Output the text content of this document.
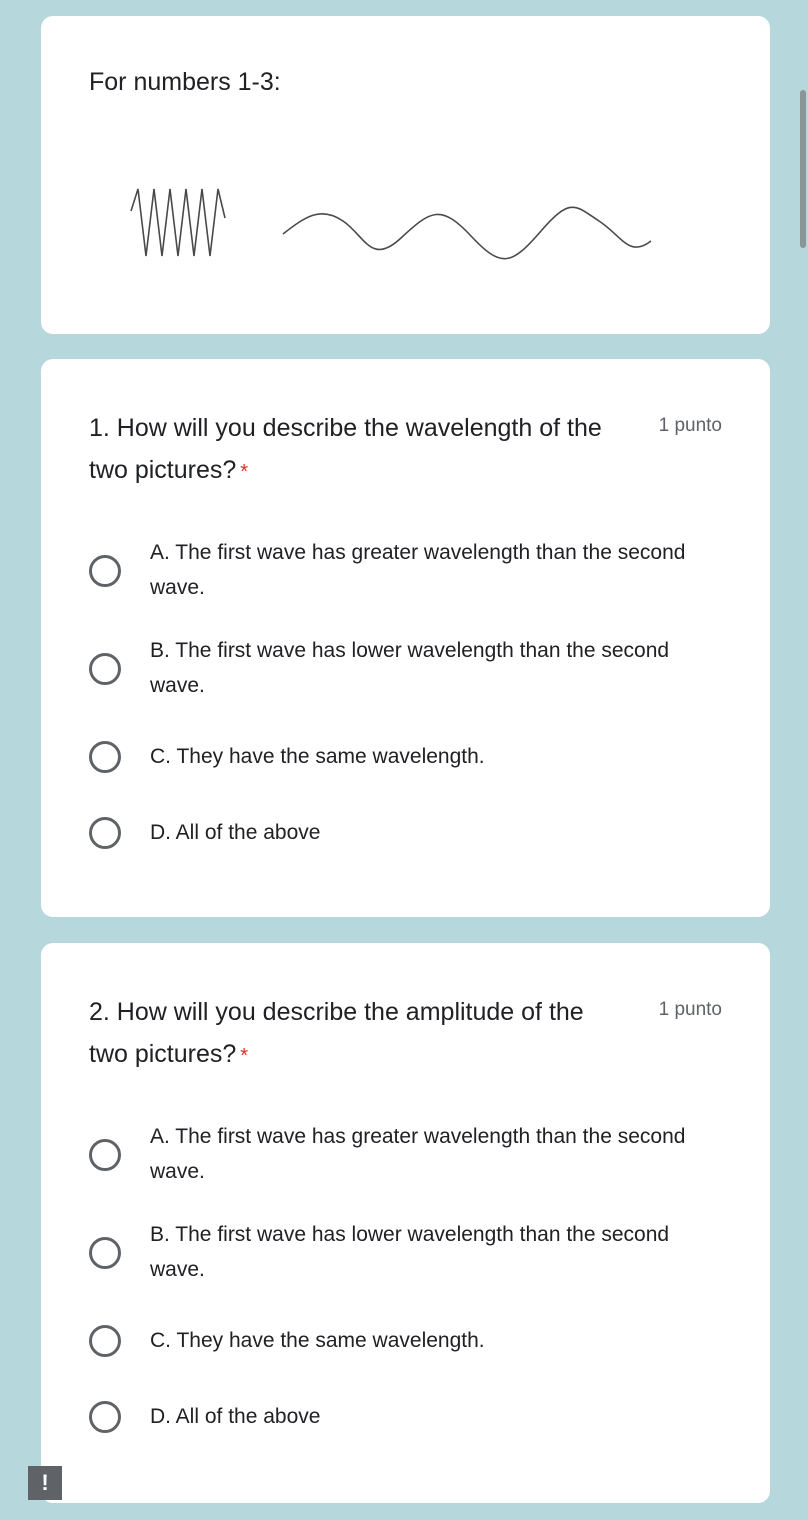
For numbers 1-3:
1. How will you describe the wavelength of the two pictures? *
1 punto
A. The first wave has greater wavelength than the second wave.
B. The first wave has lower wavelength than the second wave.
C. They have the same wavelength.
D. All of the above
2. How will you describe the amplitude of the two pictures? *
1 punto
A. The first wave has greater wavelength than the second wave.
B. The first wave has lower wavelength than the second wave.
C. They have the same wavelength.
D. All of the above
!
